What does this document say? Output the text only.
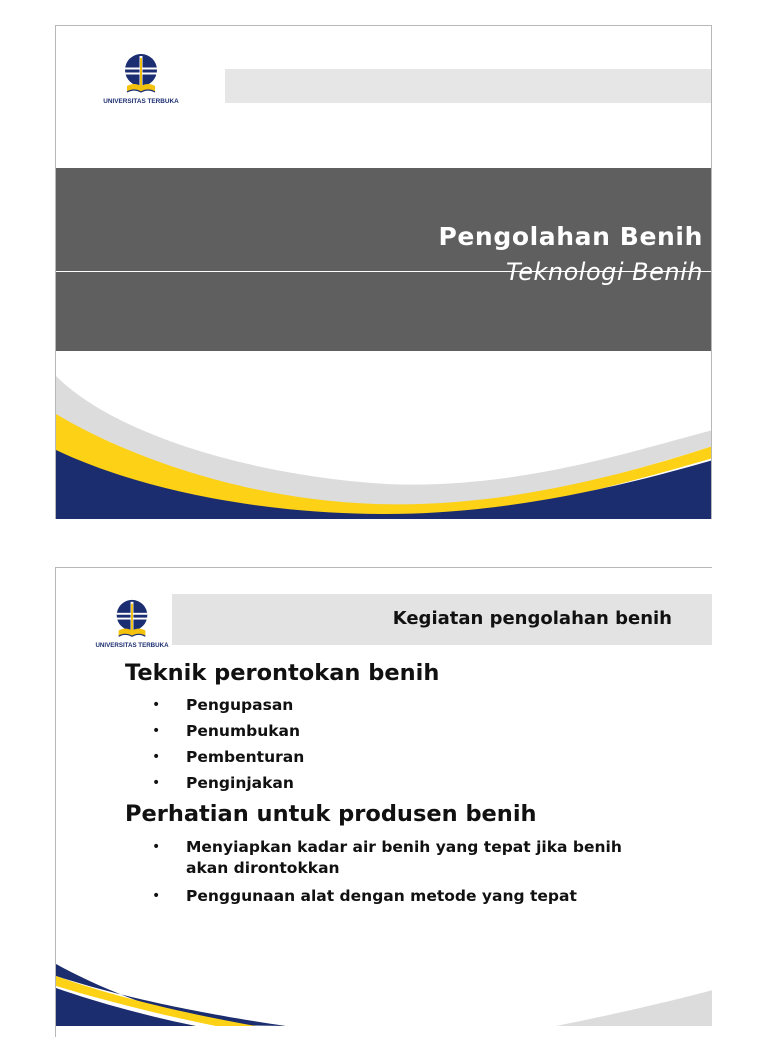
UNIVERSITAS TERBUKA
Pengolahan Benih
Teknologi Benih
UNIVERSITAS TERBUKA
Kegiatan pengolahan benih
Teknik perontokan benih
• Pengupasan
• Penumbukan
• Pembenturan
• Penginjakan
Perhatian untuk produsen benih
• Menyiapkan kadar air benih yang tepat jika benih akan dirontokkan
• Penggunaan alat dengan metode yang tepat
